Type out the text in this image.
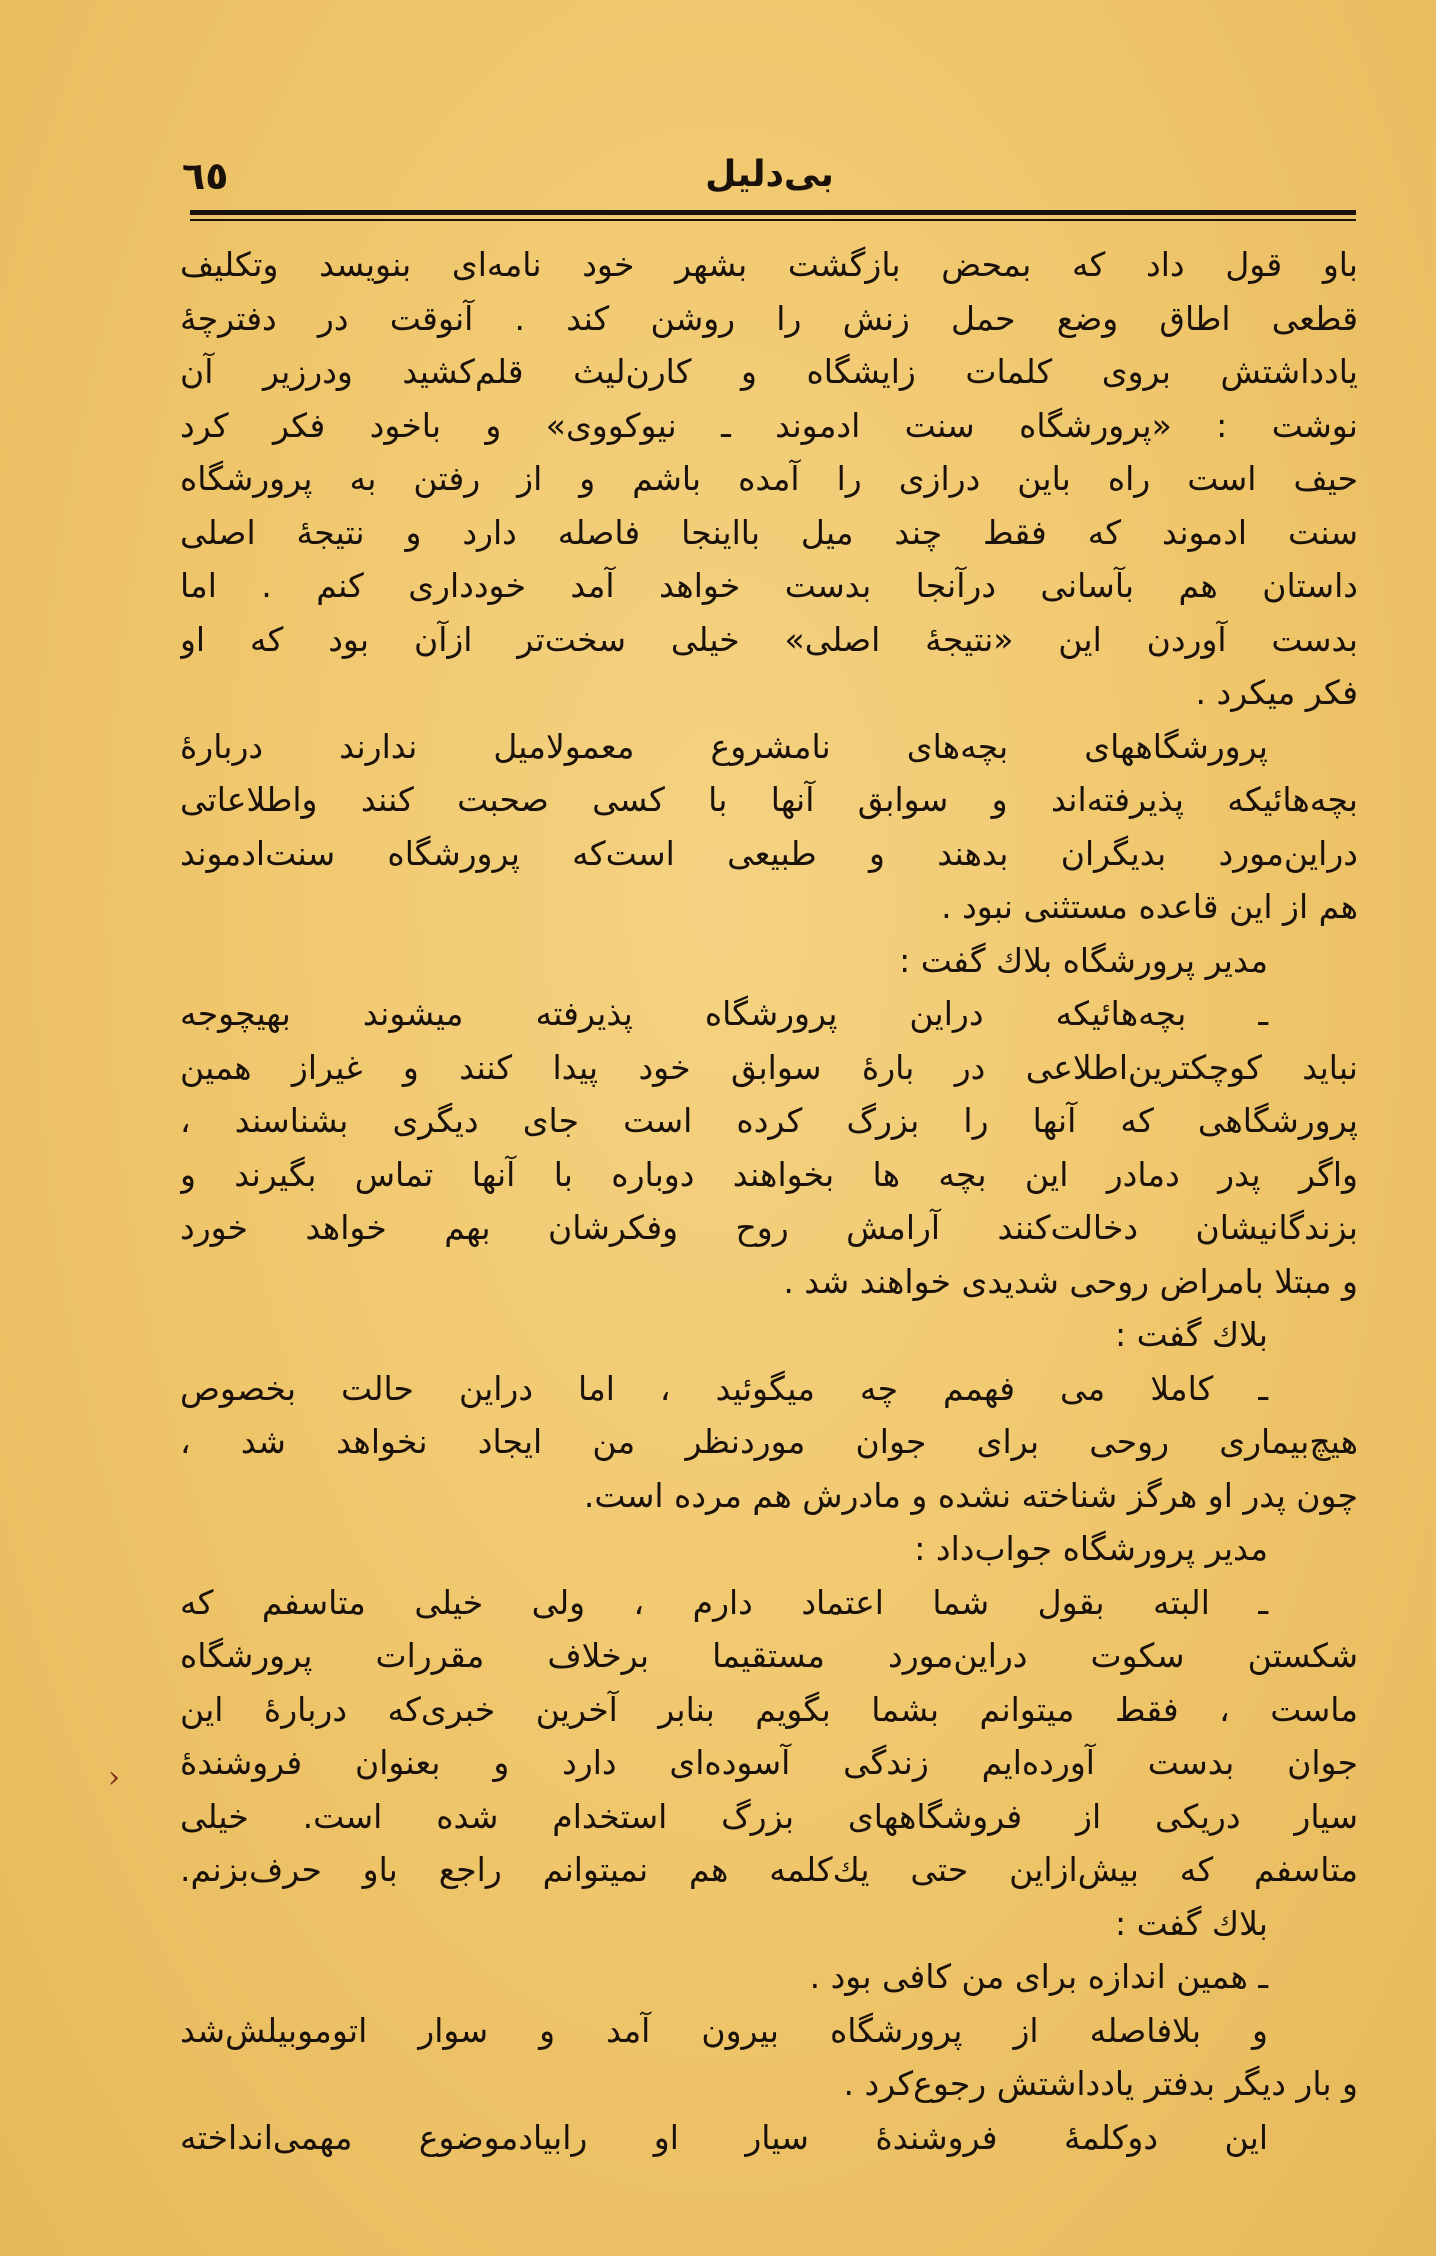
٦٥	بی‌دلیل
باو قول داد که بمحض بازگشت بشهر خود نامه‌ای بنویسد وتکلیف
قطعی اطاق وضع حمل زنش را روشن کند . آنوقت در دفترچهٔ
یادداشتش بروی کلمات زایشگاه و کارن‌لیث قلم‌کشید ودرزیر آن
نوشت : «پرورشگاه سنت ادموند ـ نیوکووی» و باخود فکر کرد
حیف است راه باین درازی را آمده باشم و از رفتن به پرورشگاه
سنت ادموند که فقط چند میل بااینجا فاصله دارد و نتیجهٔ اصلی
داستان هم بآسانی درآنجا بدست خواهد آمد خودداری کنم . اما
بدست آوردن این «نتیجهٔ اصلی» خیلی سخت‌تر ازآن بود که او
فکر میکرد .
پرورشگاههای بچه‌های نامشروع معمولامیل ندارند دربارهٔ
بچه‌هائیکه پذیرفته‌اند و سوابق آنها با کسی صحبت کنند واطلاعاتی
دراین‌مورد بدیگران بدهند و طبیعی است‌که پرورشگاه سنت‌ادموند
هم از این قاعده مستثنی نبود .
مدیر پرورشگاه بلاك گفت :
ـ بچه‌هائیکه دراین پرورشگاه پذیرفته میشوند بهیچوجه
نباید کوچکترین‌اطلاعی در بارهٔ سوابق خود پیدا کنند و غیراز همین
پرورشگاهی که آنها را بزرگ کرده است جای دیگری بشناسند ،
واگر پدر دمادر این بچه ها بخواهند دوباره با آنها تماس بگیرند و
بزندگانیشان دخالت‌کنند آرامش روح وفکرشان بهم خواهد خورد
و مبتلا بامراض روحی شدیدی خواهند شد .
بلاك گفت :
ـ کاملا می فهمم چه میگوئید ، اما دراین حالت بخصوص
هیچ‌بیماری روحی برای جوان موردنظر من ایجاد نخواهد شد ،
چون پدر او هرگز شناخته نشده و مادرش هم مرده است.
مدیر پرورشگاه جواب‌داد :
ـ البته بقول شما اعتماد دارم ، ولی خیلی متاسفم که
شکستن سکوت دراین‌مورد مستقیما برخلاف مقررات پرورشگاه
ماست ، فقط میتوانم بشما بگویم بنابر آخرین خبری‌که دربارهٔ این
جوان بدست آورده‌ایم زندگی آسوده‌ای دارد و بعنوان فروشندهٔ
سیار دریکی از فروشگاههای بزرگ استخدام شده است. خیلی
متاسفم که بیش‌ازاین حتی یك‌کلمه هم نمیتوانم راجع باو حرف‌بزنم.
بلاك گفت :
ـ همین اندازه برای من کافی بود .
و بلافاصله از پرورشگاه بیرون آمد و سوار اتوموبیلش‌شد
و بار دیگر بدفتر یادداشتش رجوع‌کرد .
این دوکلمهٔ فروشندهٔ سیار او رابیادموضوع مهمی‌انداخته
›
